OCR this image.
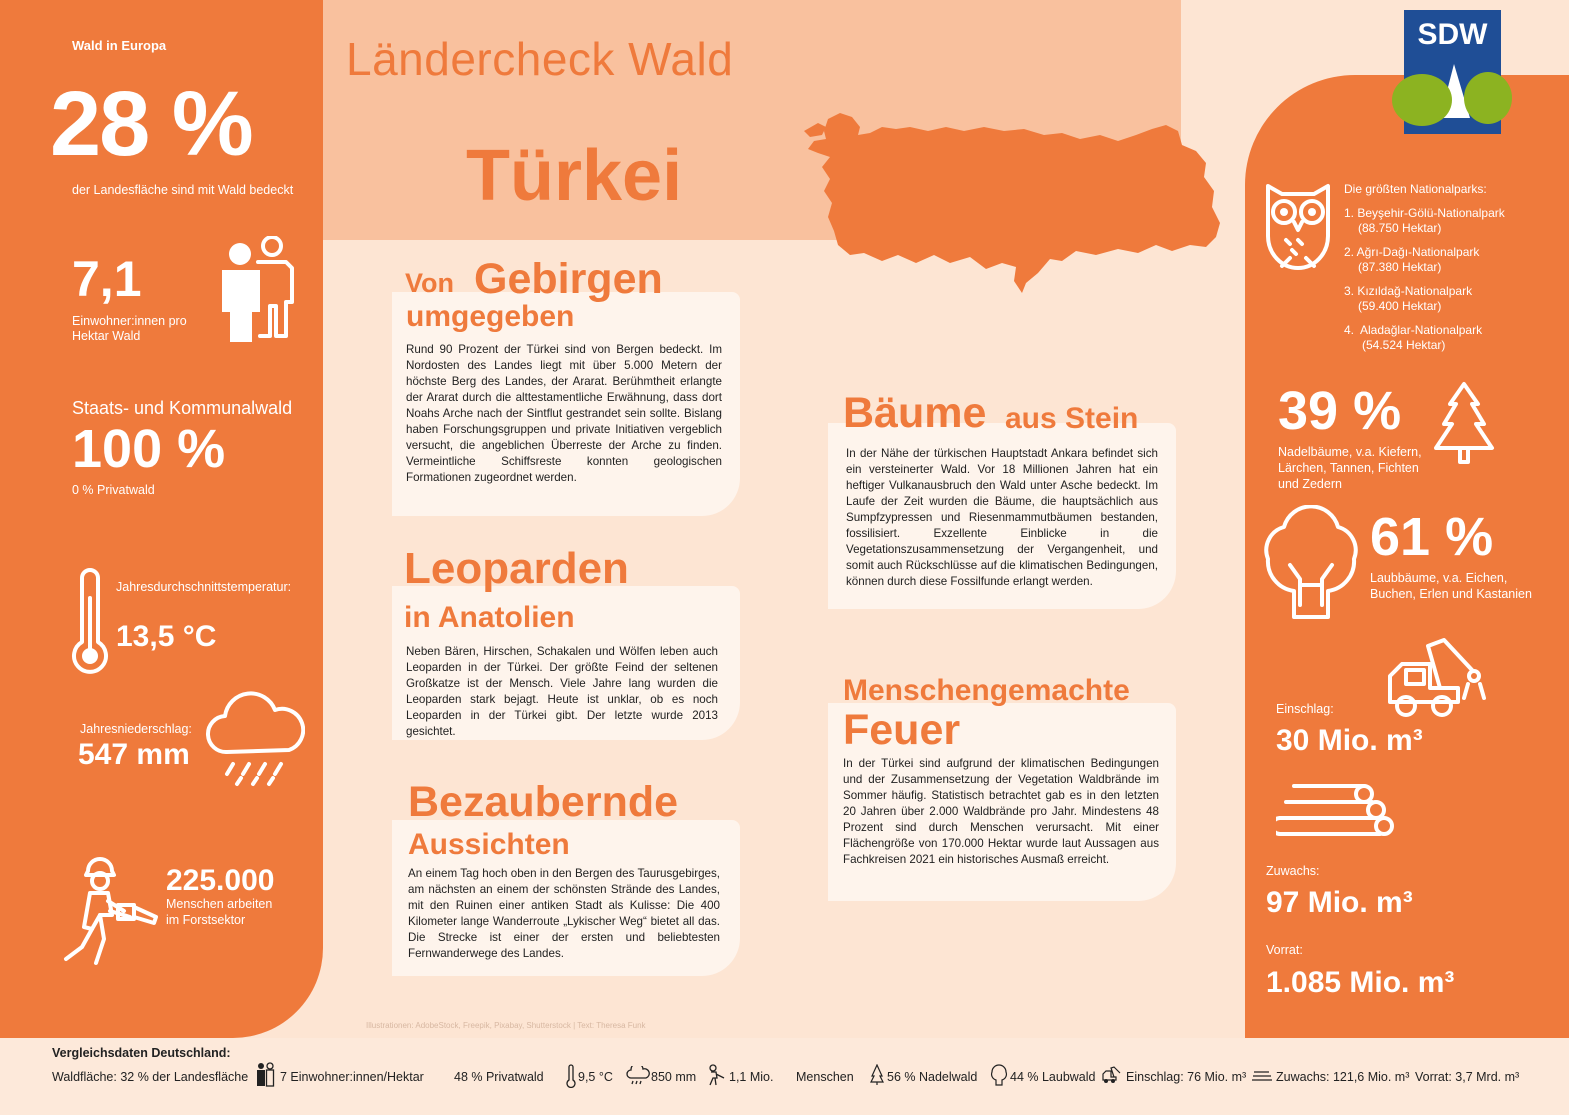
Ländercheck Wald
Türkei
SDW
Wald in Europa
28 %
der Landesfläche sind mit Wald bedeckt
7,1
Einwohner:innen pro
Hektar Wald
Staats- und Kommunalwald
100 %
0 % Privatwald
Jahresdurchschnittstemperatur:
13,5 °C
Jahresniederschlag:
547 mm
225.000
Menschen arbeiten
im Forstsektor
Von Gebirgen
umgegeben
Rund 90 Prozent der Türkei sind von Bergen bedeckt. Im Nordosten des Landes liegt mit über 5.000 Metern der höchste Berg des Landes, der Ararat. Berühmtheit erlangte der Ararat durch die alttestamentliche Erwähnung, dass dort Noahs Arche nach der Sintflut gestrandet sein sollte. Bislang haben Forschungsgruppen und private Initiativen vergeblich versucht, die angeblichen Überreste der Arche zu finden. Vermeintliche Schiffsreste konnten geologischen Formationen zugeordnet werden.
Leoparden
in Anatolien
Neben Bären, Hirschen, Schakalen und Wölfen leben auch Leoparden in der Türkei. Der größte Feind der seltenen Großkatze ist der Mensch. Viele Jahre lang wurden die Leoparden stark bejagt. Heute ist unklar, ob es noch Leoparden in der Türkei gibt. Der letzte wurde 2013 gesichtet.
Bezaubernde
Aussichten
An einem Tag hoch oben in den Bergen des Taurusgebirges, am nächsten an einem der schönsten Strände des Landes, mit den Ruinen einer antiken Stadt als Kulisse: Die 400 Kilometer lange Wanderroute „Lykischer Weg“ bietet all das. Die Strecke ist einer der ersten und beliebtesten Fernwanderwege des Landes.
Bäume aus Stein
In der Nähe der türkischen Hauptstadt Ankara befindet sich ein versteinerter Wald. Vor 18 Millionen Jahren hat ein heftiger Vulkanausbruch den Wald unter Asche bedeckt. Im Laufe der Zeit wurden die Bäume, die hauptsächlich aus Sumpfzypressen und Riesenmammutbäumen bestanden, fossilisiert. Exzellente Einblicke in die Vegetationszusammensetzung der Vergangenheit, und somit auch Rückschlüsse auf die klimatischen Bedingungen, können durch diese Fossilfunde erlangt werden.
Menschengemachte
Feuer
In der Türkei sind aufgrund der klimatischen Bedingungen und der Zusammensetzung der Vegetation Waldbrände im Sommer häufig. Statistisch betrachtet gab es in den letzten 20 Jahren über 2.000 Waldbrände pro Jahr. Mindestens 48 Prozent sind durch Menschen verursacht. Mit einer Flächengröße von 170.000 Hektar wurde laut Aussagen aus Fachkreisen 2021 ein historisches Ausmaß erreicht.
Illustrationen: AdobeStock, Freepik, Pixabay, Shutterstock | Text: Theresa Funk
Die größten Nationalparks:
1. Beyşehir-Gölü-Nationalpark
(88.750 Hektar)
2. Ağrı-Dağı-Nationalpark
(87.380 Hektar)
3. Kızıldağ-Nationalpark
(59.400 Hektar)
4.  Aladağlar-Nationalpark
(54.524 Hektar)
39 %
Nadelbäume, v.a. Kiefern,
Lärchen, Tannen, Fichten
und Zedern
61 %
Laubbäume, v.a. Eichen,
Buchen, Erlen und Kastanien
Einschlag:
30 Mio. m³
Zuwachs:
97 Mio. m³
Vorrat:
1.085 Mio. m³
Vergleichsdaten Deutschland:
Waldfläche: 32 % der Landesfläche	7 Einwohner:innen/Hektar 48 % Privatwald	9,5 °C	850 mm	1,1 Mio. Menschen	56 % Nadelwald	44 % Laubwald Einschlag: 76 Mio. m³ Zuwachs: 121,6 Mio. m³ Vorrat: 3,7 Mrd. m³
